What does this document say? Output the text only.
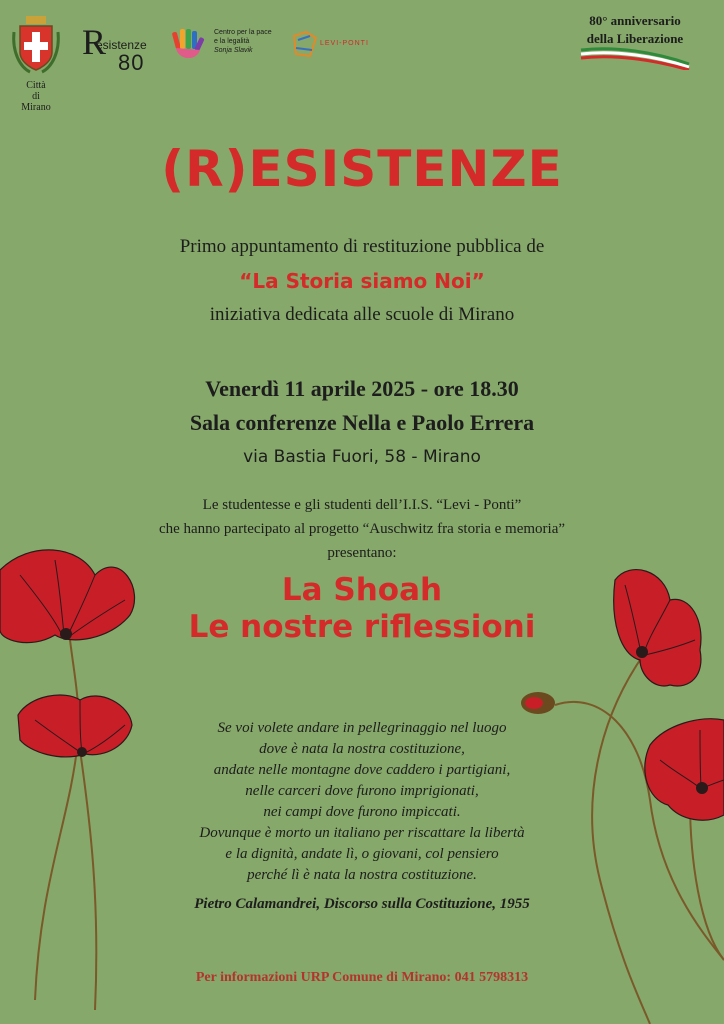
Città
di
Mirano
R
esistenze
80
Centro per la pace
e la legalità
Sonja Slavik
LEVI-PONTI
80° anniversario
della Liberazione
(R)ESISTENZE
Primo appuntamento di restituzione pubblica de
“La Storia siamo Noi”
iniziativa dedicata alle scuole di Mirano
Venerdì 11 aprile 2025 - ore 18.30
Sala conferenze Nella e Paolo Errera
via Bastia Fuori, 58 - Mirano
Le studentesse e gli studenti dell’I.I.S. “Levi - Ponti”
che hanno partecipato al progetto “Auschwitz fra storia e memoria”
presentano:
La Shoah
Le nostre riflessioni
Se voi volete andare in pellegrinaggio nel luogo
dove è nata la nostra costituzione,
andate nelle montagne dove caddero i partigiani,
nelle carceri dove furono imprigionati,
nei campi dove furono impiccati.
Dovunque è morto un italiano per riscattare la libertà
e la dignità, andate lì, o giovani, col pensiero
perché lì è nata la nostra costituzione.
Pietro Calamandrei, Discorso sulla Costituzione, 1955
Per informazioni URP Comune di Mirano: 041 5798313
